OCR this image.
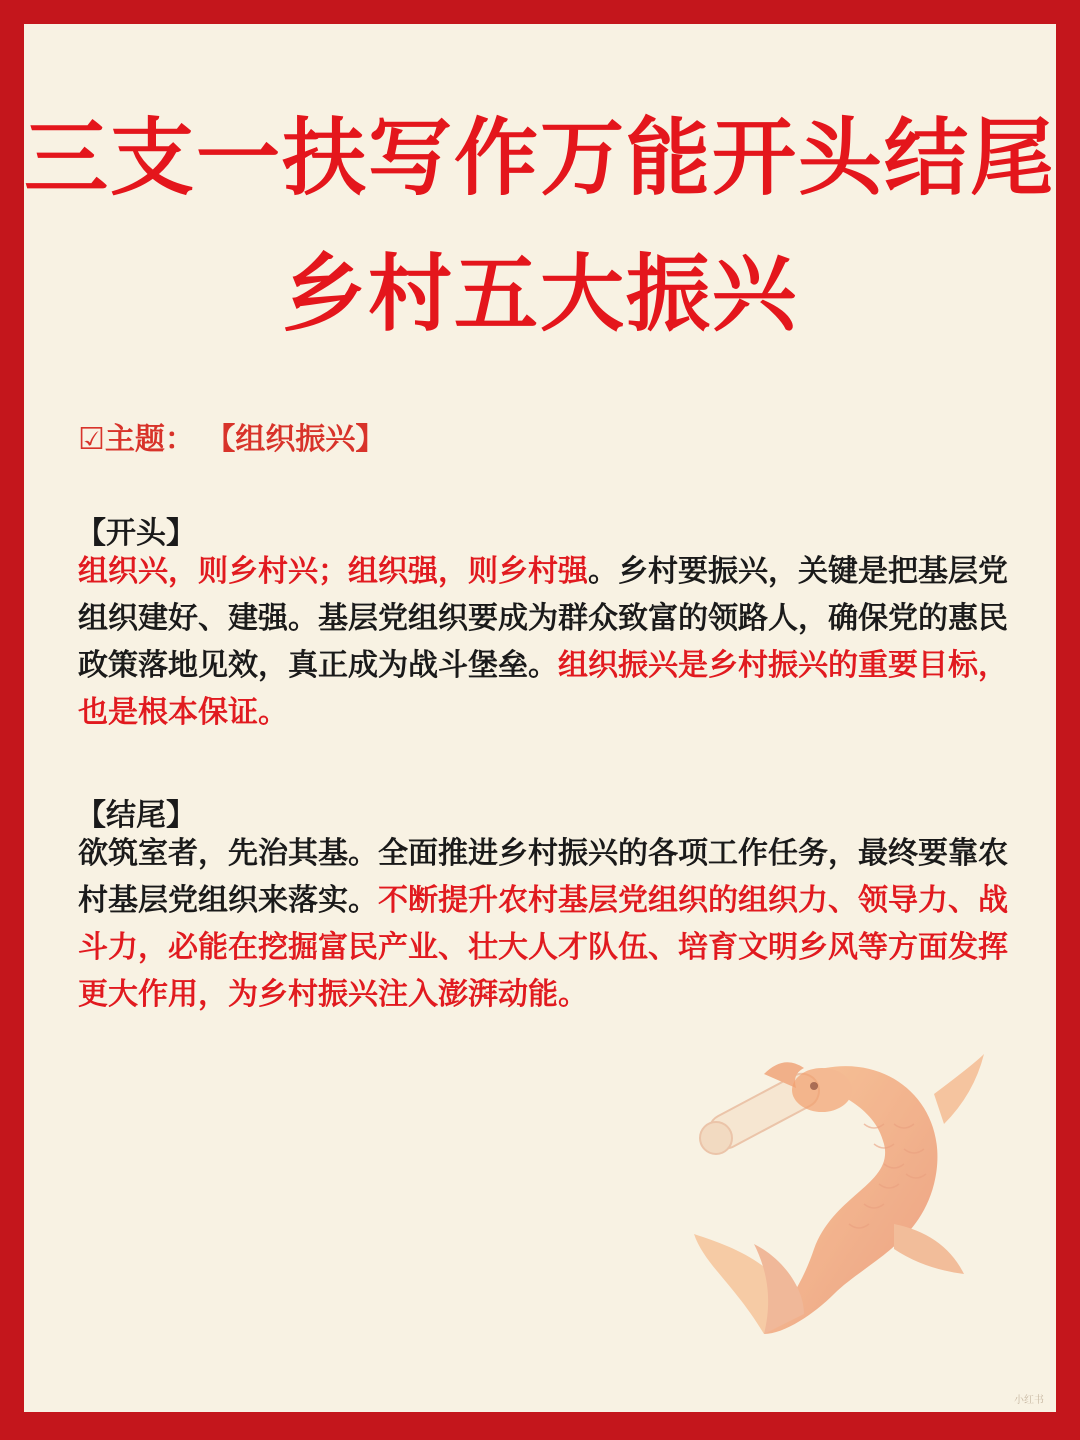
三支一扶写作万能开头结尾
乡村五大振兴
☑主题： 【组织振兴】
【开头】
组织兴，则乡村兴；组织强，则乡村强。乡村要振兴，关键是把基层党组织建好、建强。基层党组织要成为群众致富的领路人，确保党的惠民政策落地见效，真正成为战斗堡垒。组织振兴是乡村振兴的重要目标，也是根本保证。
【结尾】
欲筑室者，先治其基。全面推进乡村振兴的各项工作任务，最终要靠农村基层党组织来落实。不断提升农村基层党组织的组织力、领导力、战斗力，必能在挖掘富民产业、壮大人才队伍、培育文明乡风等方面发挥更大作用，为乡村振兴注入澎湃动能。
小红书
